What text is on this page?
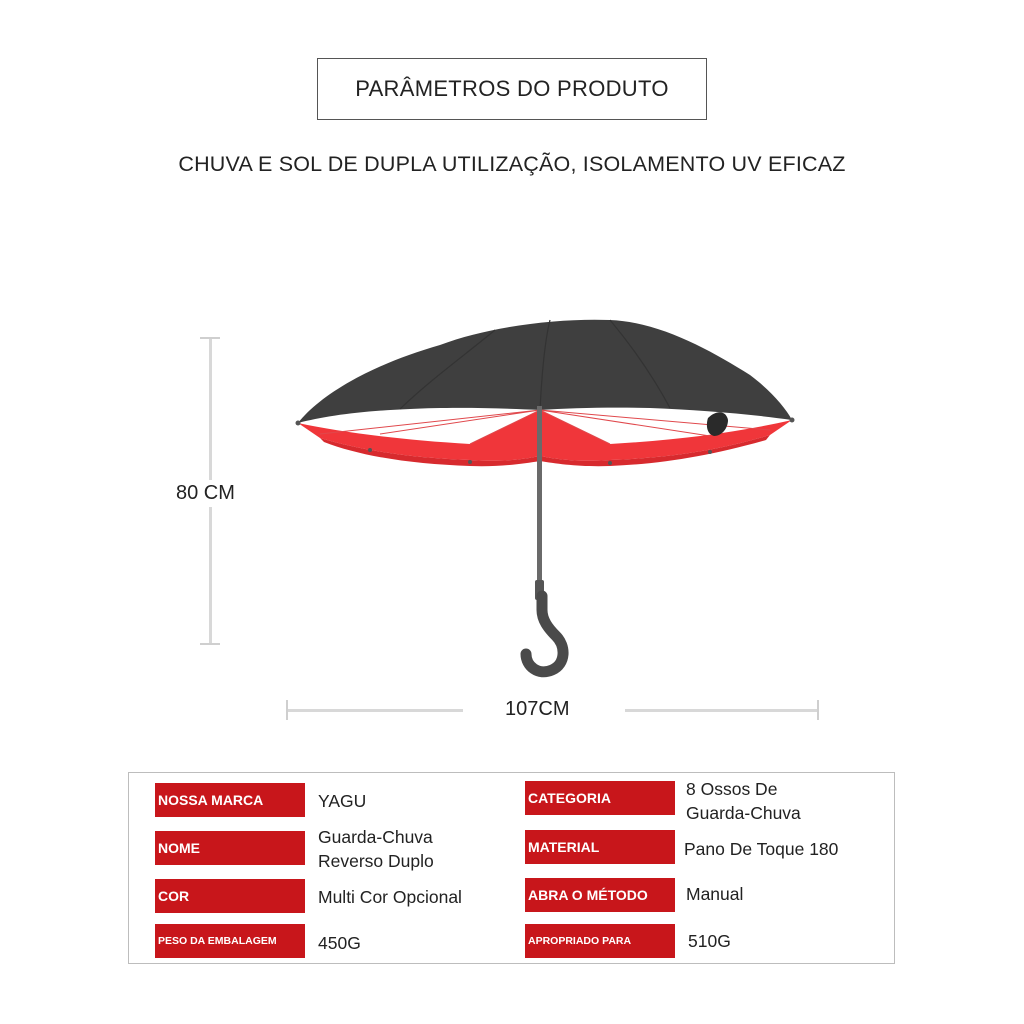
PARÂMETROS DO PRODUTO
CHUVA E SOL DE DUPLA UTILIZAÇÃO, ISOLAMENTO UV EFICAZ
80 CM
107CM
NOSSA MARCA
NOME
COR
PESO DA EMBALAGEM
YAGU
Guarda-Chuva
Reverso Duplo
Multi Cor Opcional
450G
CATEGORIA
MATERIAL
ABRA O MÉTODO
APROPRIADO PARA
8 Ossos De
Guarda-Chuva
Pano De Toque 180
Manual
510G
